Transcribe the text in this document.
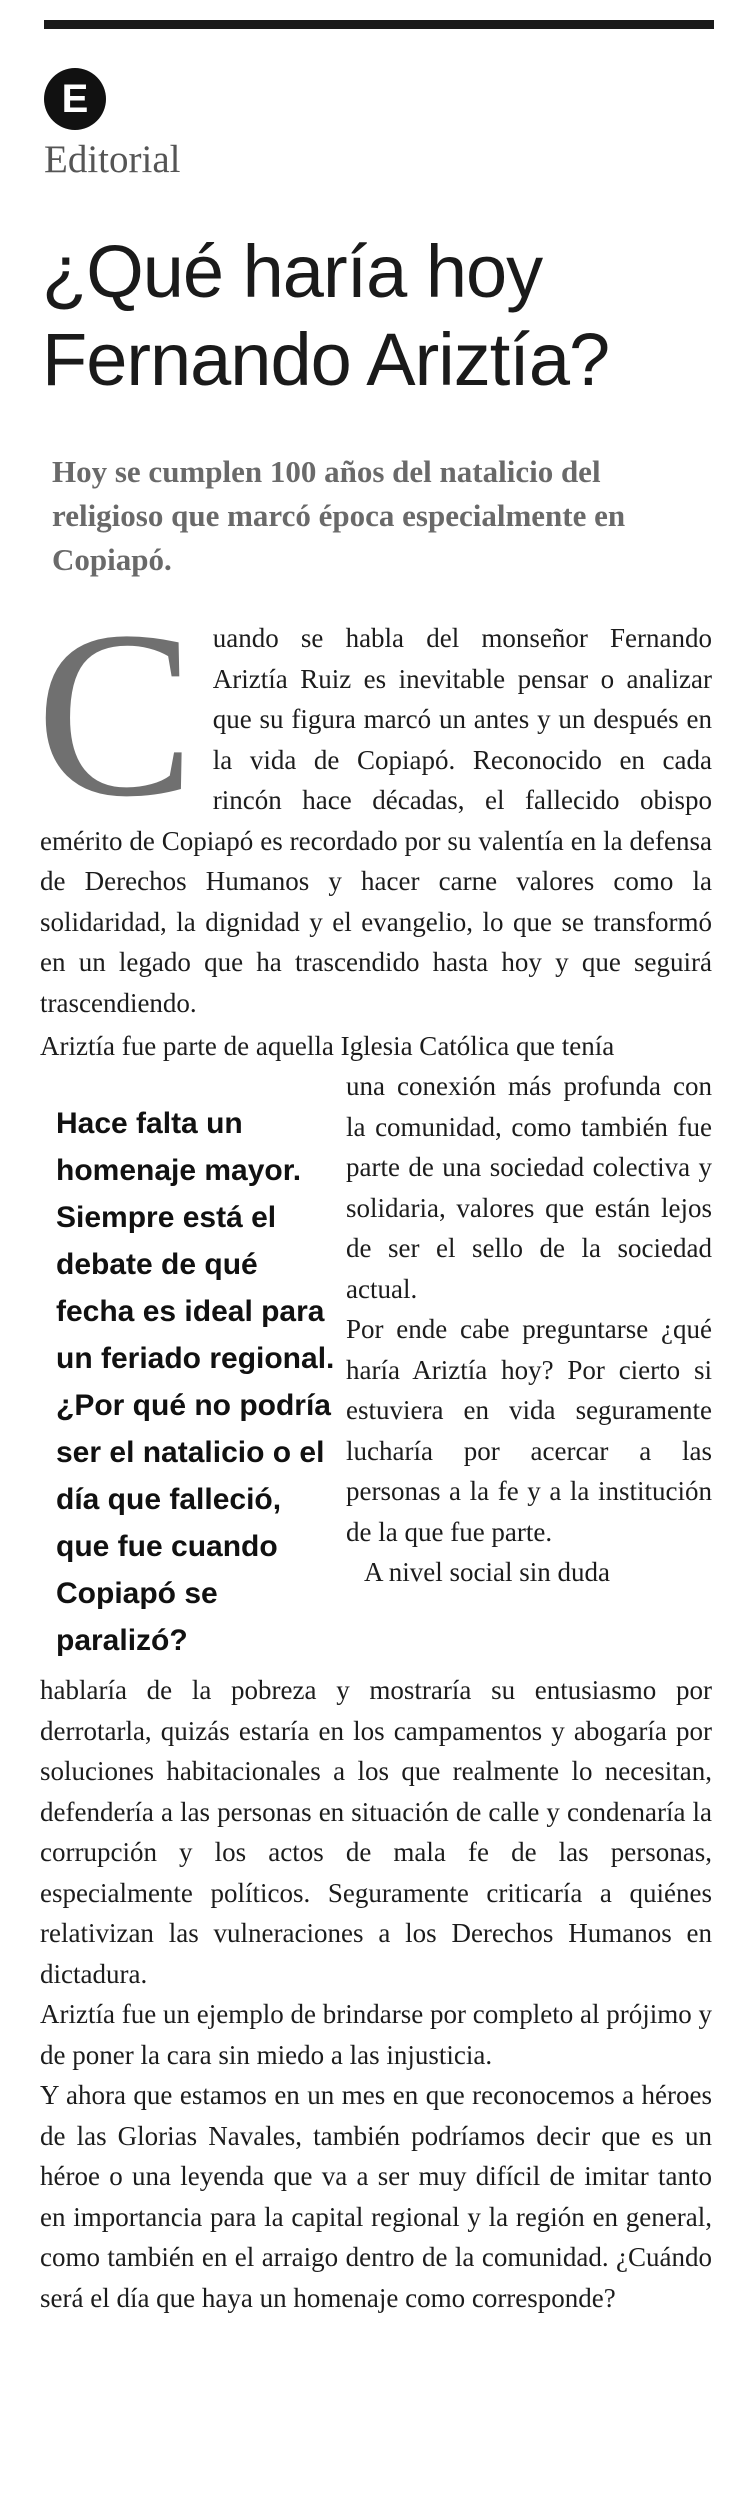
E

Editorial

¿Qué haría hoy Fernando Ariztía?

Hoy se cumplen 100 años del natalicio del religioso que marcó época especialmente en Copiapó.

C uando se habla del monseñor Fernando Ariztía Ruiz es inevitable pensar o analizar que su figura marcó un antes y un después en la vida de Copiapó. Reconocido en cada rincón hace décadas, el fallecido obispo emérito de Copiapó es recordado por su valentía en la defensa de Derechos Humanos y hacer carne valores como la solidaridad, la dignidad y el evangelio, lo que se transformó en un legado que ha trascendido hasta hoy y que seguirá trascendiendo.

Ariztía fue parte de aquella Iglesia Católica que tenía

una conexión más profunda con la comunidad, como también fue parte de una sociedad colectiva y solidaria, valores que están lejos de ser el sello de la sociedad actual.

Por ende cabe preguntarse ¿qué haría Ariztía hoy? Por cierto si estuviera en vida seguramente lucharía por acercar a las personas a la fe y a la institución de la que fue parte.

A nivel social sin duda

Hace falta un homenaje mayor. Siempre está el debate de qué fecha es ideal para un feriado regional. ¿Por qué no podría ser el natalicio o el día que falleció, que fue cuando Copiapó se paralizó?

hablaría de la pobreza y mostraría su entusiasmo por derrotarla, quizás estaría en los campamentos y abogaría por soluciones habitacionales a los que realmente lo necesitan, defendería a las personas en situación de calle y condenaría la corrupción y los actos de mala fe de las personas, especialmente políticos. Seguramente criticaría a quiénes relativizan las vulneraciones a los Derechos Humanos en dictadura.

Ariztía fue un ejemplo de brindarse por completo al prójimo y de poner la cara sin miedo a las injusticia.

Y ahora que estamos en un mes en que reconocemos a héroes de las Glorias Navales, también podríamos decir que es un héroe o una leyenda que va a ser muy difícil de imitar tanto en importancia para la capital regional y la región en general, como también en el arraigo dentro de la comunidad. ¿Cuándo será el día que haya un homenaje como corresponde?
